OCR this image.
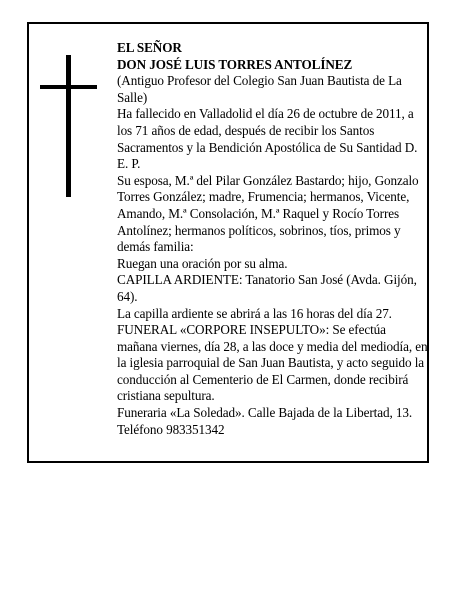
EL SEÑOR

DON JOSÉ LUIS TORRES ANTOLÍNEZ

(Antiguo Profesor del Colegio San Juan Bautista de La Salle)

Ha fallecido en Valladolid el día 26 de octubre de 2011, a los 71 años de edad, después de recibir los Santos Sacramentos y la Bendición Apostólica de Su Santidad D. E. P.

Su esposa, M.ª del Pilar González Bastardo; hijo, Gonzalo Torres González; madre, Frumencia; hermanos, Vicente, Amando, M.ª Consolación, M.ª Raquel y Rocío Torres Antolínez; hermanos políticos, sobrinos, tíos, primos y demás familia:

Ruegan una oración por su alma.

CAPILLA ARDIENTE: Tanatorio San José (Avda. Gijón, 64).

La capilla ardiente se abrirá a las 16 horas del día 27.

FUNERAL «CORPORE INSEPULTO»: Se efectúa mañana viernes, día 28, a las doce y media del mediodía, en la iglesia parroquial de San Juan Bautista, y acto seguido la conducción al Cementerio de El Carmen, donde recibirá cristiana sepultura.

Funeraria «La Soledad». Calle Bajada de la Libertad, 13. Teléfono 983351342
